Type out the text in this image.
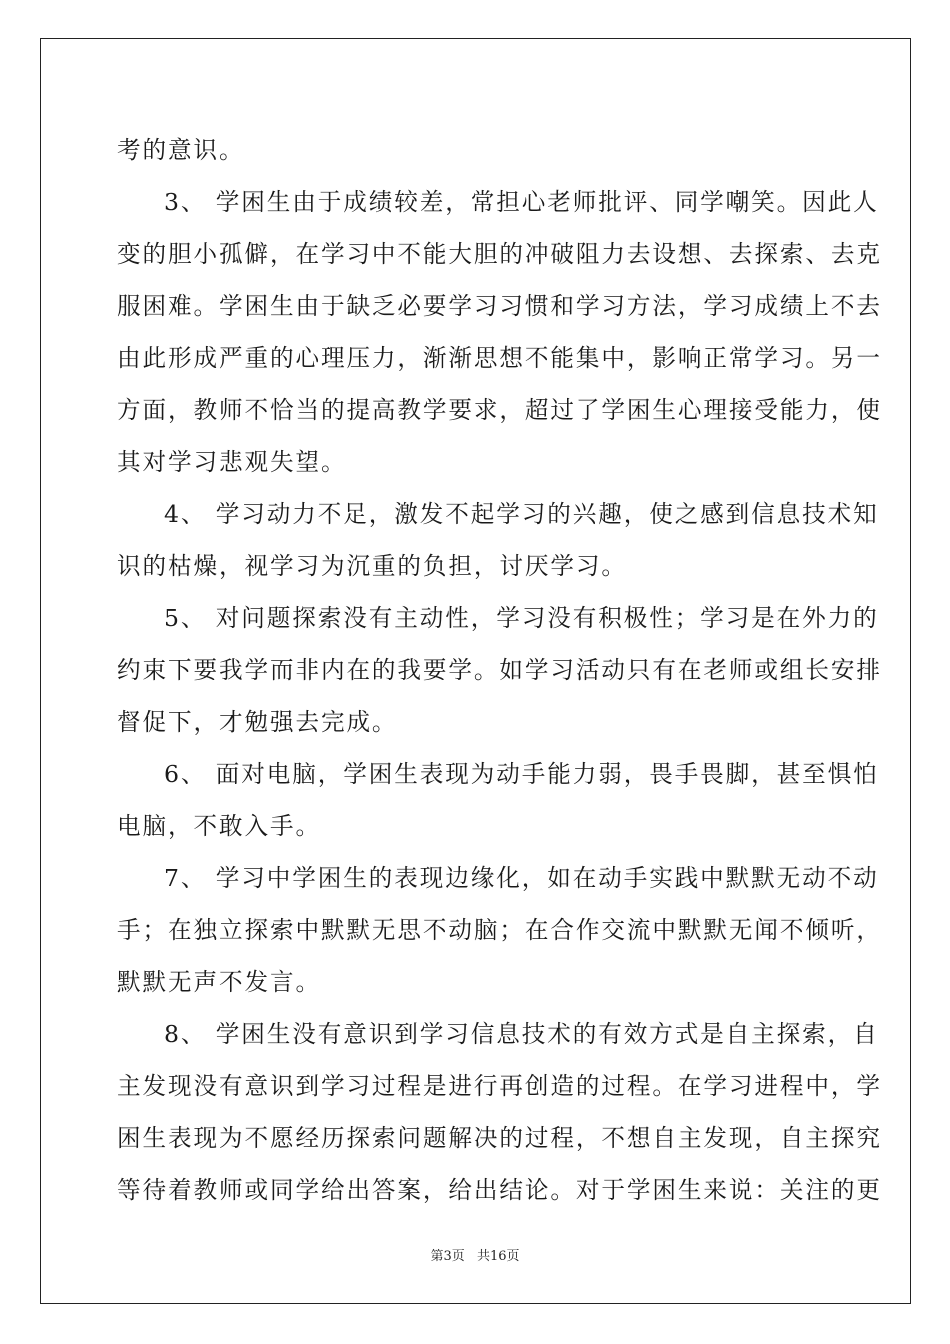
考的意识。
3、 学困生由于成绩较差，常担心老师批评、同学嘲笑。因此人
变的胆小孤僻，在学习中不能大胆的冲破阻力去设想、去探索、去克
服困难。学困生由于缺乏必要学习习惯和学习方法，学习成绩上不去
由此形成严重的心理压力，渐渐思想不能集中，影响正常学习。另一
方面，教师不恰当的提高教学要求，超过了学困生心理接受能力，使
其对学习悲观失望。
4、 学习动力不足，激发不起学习的兴趣，使之感到信息技术知
识的枯燥，视学习为沉重的负担，讨厌学习。
5、 对问题探索没有主动性，学习没有积极性；学习是在外力的
约束下要我学而非内在的我要学。如学习活动只有在老师或组长安排
督促下，才勉强去完成。
6、 面对电脑，学困生表现为动手能力弱，畏手畏脚，甚至惧怕
电脑，不敢入手。
7、 学习中学困生的表现边缘化，如在动手实践中默默无动不动
手；在独立探索中默默无思不动脑；在合作交流中默默无闻不倾听，
默默无声不发言。
8、 学困生没有意识到学习信息技术的有效方式是自主探索，自
主发现没有意识到学习过程是进行再创造的过程。在学习进程中，学
困生表现为不愿经历探索问题解决的过程，不想自主发现，自主探究
等待着教师或同学给出答案，给出结论。对于学困生来说：关注的更
第3页 共16页
